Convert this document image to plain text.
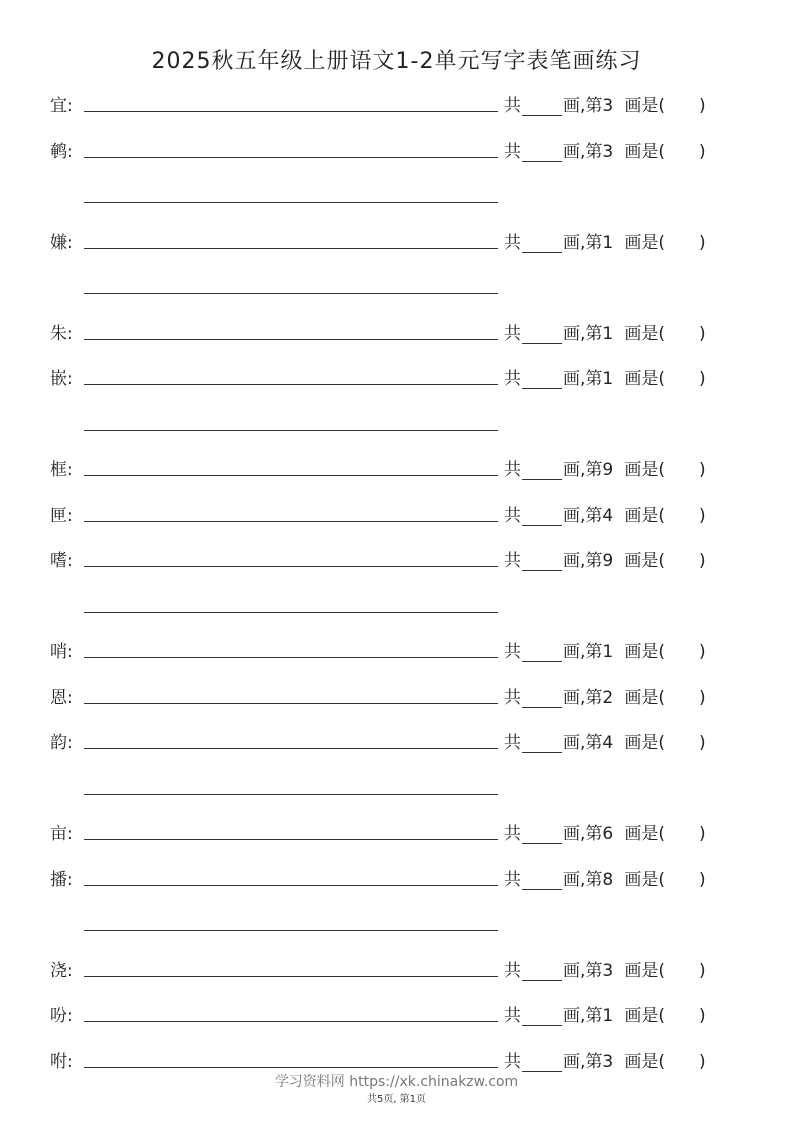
2025秋五年级上册语文1-2单元写字表笔画练习
宜:	共 画,第3 画是( )
鹌:	共 画,第3 画是( )
嫌:	共 画,第1 画是( )
朱:	共 画,第1 画是( )
嵌:	共 画,第1 画是( )
框:	共 画,第9 画是( )
匣:	共 画,第4 画是( )
嗜:	共 画,第9 画是( )
哨:	共 画,第1 画是( )
恩:	共 画,第2 画是( )
韵:	共 画,第4 画是( )
亩:	共 画,第6 画是( )
播:	共 画,第8 画是( )
浇:	共 画,第3 画是( )
吩:	共 画,第1 画是( )
咐:	共 画,第3 画是( )
学习资料网 https://xk.chinakzw.com
共5页, 第1页
